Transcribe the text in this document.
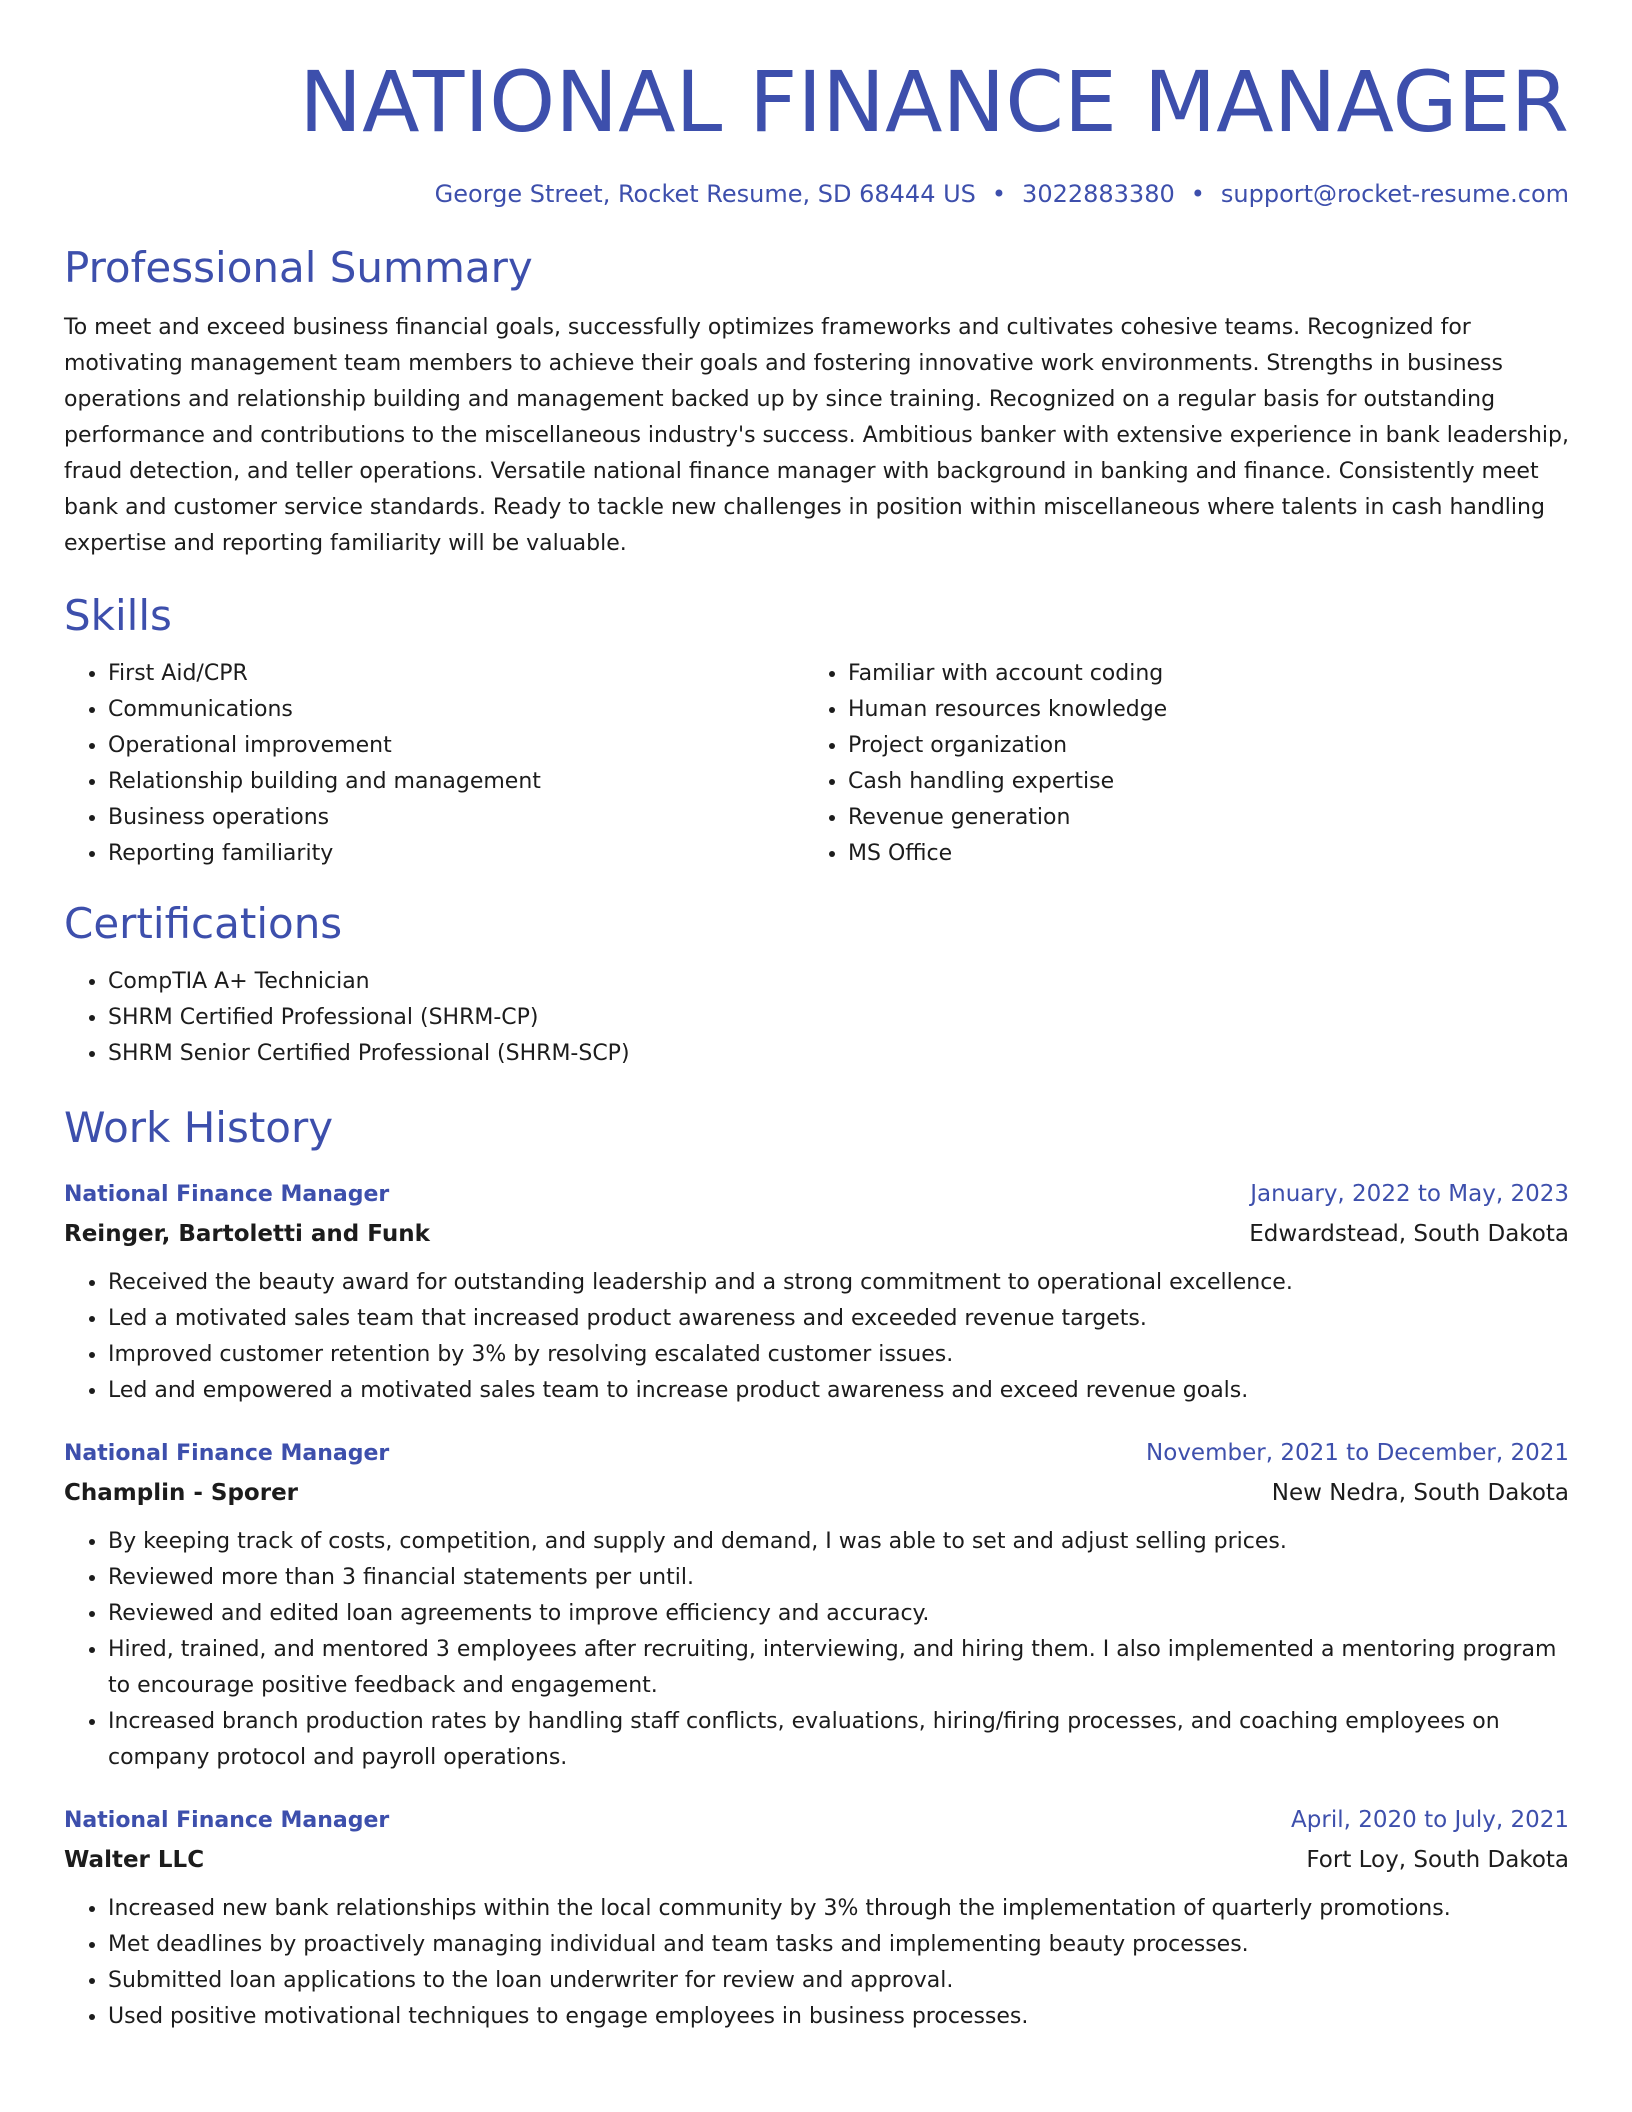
NATIONAL FINANCE MANAGER
George Street, Rocket Resume, SD 68444 US • 3022883380 • support@rocket-resume.com
Professional Summary

To meet and exceed business financial goals, successfully optimizes frameworks and cultivates cohesive teams. Recognized for motivating management team members to achieve their goals and fostering innovative work environments. Strengths in business operations and relationship building and management backed up by since training. Recognized on a regular basis for outstanding performance and contributions to the miscellaneous industry's success. Ambitious banker with extensive experience in bank leadership, fraud detection, and teller operations. Versatile national finance manager with background in banking and finance. Consistently meet bank and customer service standards. Ready to tackle new challenges in position within miscellaneous where talents in cash handling expertise and reporting familiarity will be valuable.

Skills
• First Aid/CPR
• Communications
• Operational improvement
• Relationship building and management
• Business operations
• Reporting familiarity
• Familiar with account coding
• Human resources knowledge
• Project organization
• Cash handling expertise
• Revenue generation
• MS Office
Certifications
• CompTIA A+ Technician
• SHRM Certified Professional (SHRM-CP)
• SHRM Senior Certified Professional (SHRM-SCP)
Work History
National Finance Manager	January, 2022 to May, 2023
Reinger, Bartoletti and Funk	Edwardstead, South Dakota
• Received the beauty award for outstanding leadership and a strong commitment to operational excellence.
• Led a motivated sales team that increased product awareness and exceeded revenue targets.
• Improved customer retention by 3% by resolving escalated customer issues.
• Led and empowered a motivated sales team to increase product awareness and exceed revenue goals.
National Finance Manager	November, 2021 to December, 2021
Champlin - Sporer	New Nedra, South Dakota
• By keeping track of costs, competition, and supply and demand, I was able to set and adjust selling prices.
• Reviewed more than 3 financial statements per until.
• Reviewed and edited loan agreements to improve efficiency and accuracy.
• Hired, trained, and mentored 3 employees after recruiting, interviewing, and hiring them. I also implemented a mentoring program to encourage positive feedback and engagement.
• Increased branch production rates by handling staff conflicts, evaluations, hiring/firing processes, and coaching employees on company protocol and payroll operations.
National Finance Manager	April, 2020 to July, 2021
Walter LLC	Fort Loy, South Dakota
• Increased new bank relationships within the local community by 3% through the implementation of quarterly promotions.
• Met deadlines by proactively managing individual and team tasks and implementing beauty processes.
• Submitted loan applications to the loan underwriter for review and approval.
• Used positive motivational techniques to engage employees in business processes.
